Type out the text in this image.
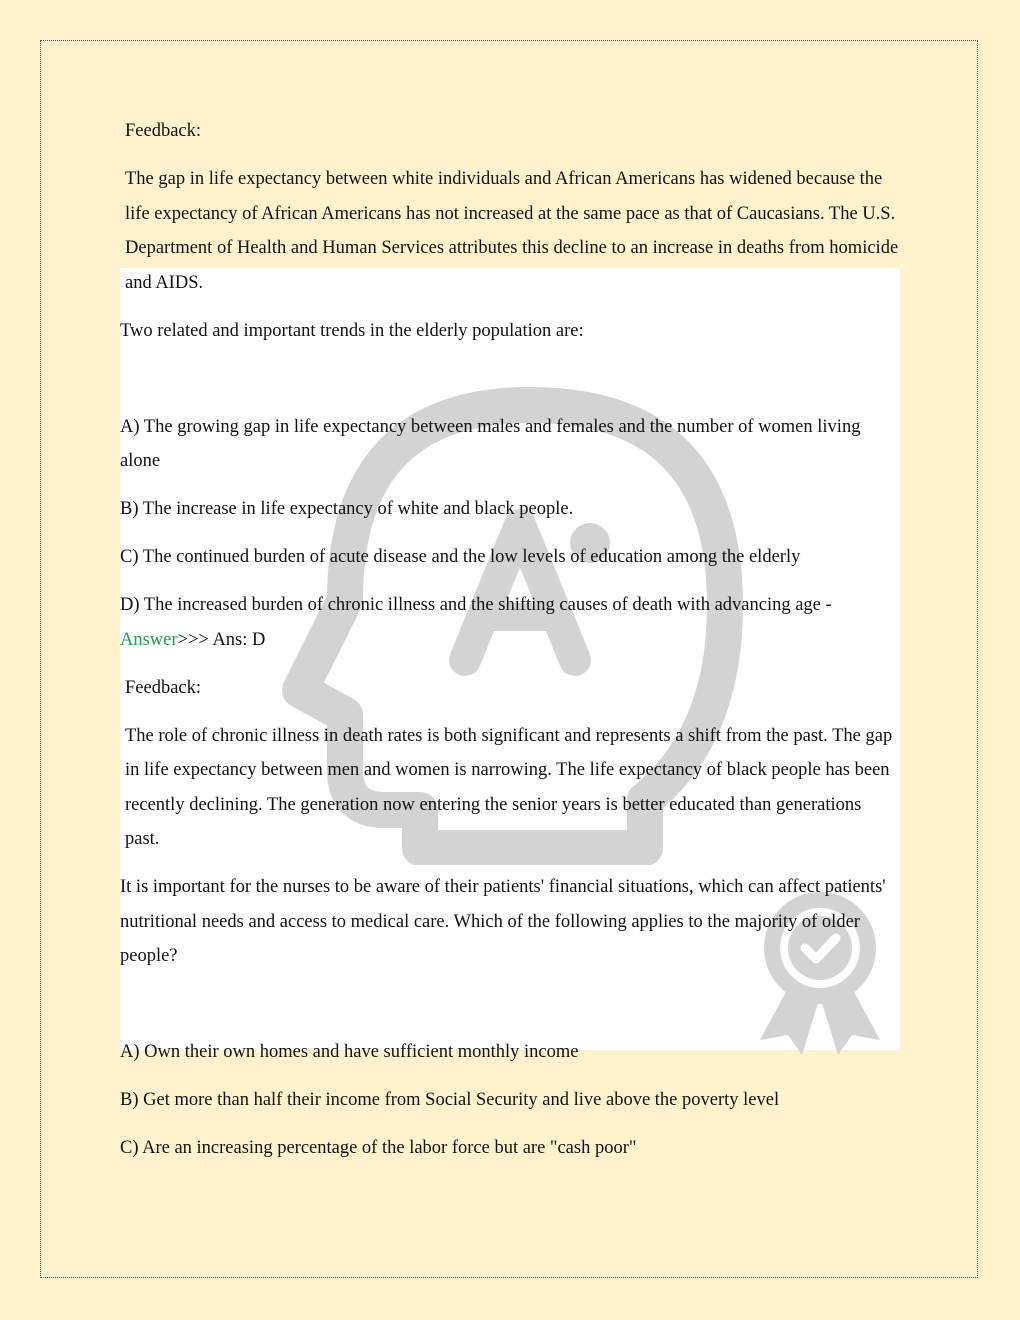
Feedback:

The gap in life expectancy between white individuals and African Americans has widened because the life expectancy of African Americans has not increased at the same pace as that of Caucasians. The U.S. Department of Health and Human Services attributes this decline to an increase in deaths from homicide and AIDS.

Two related and important trends in the elderly population are:

A) The growing gap in life expectancy between males and females and the number of women living alone

B) The increase in life expectancy of white and black people.

C) The continued burden of acute disease and the low levels of education among the elderly

D) The increased burden of chronic illness and the shifting causes of death with advancing age -
Answer>>> Ans: D

Feedback:

The role of chronic illness in death rates is both significant and represents a shift from the past. The gap in life expectancy between men and women is narrowing. The life expectancy of black people has been recently declining. The generation now entering the senior years is better educated than generations past.

It is important for the nurses to be aware of their patients' financial situations, which can affect patients' nutritional needs and access to medical care. Which of the following applies to the majority of older people?

A) Own their own homes and have sufficient monthly income

B) Get more than half their income from Social Security and live above the poverty level

C) Are an increasing percentage of the labor force but are "cash poor"
